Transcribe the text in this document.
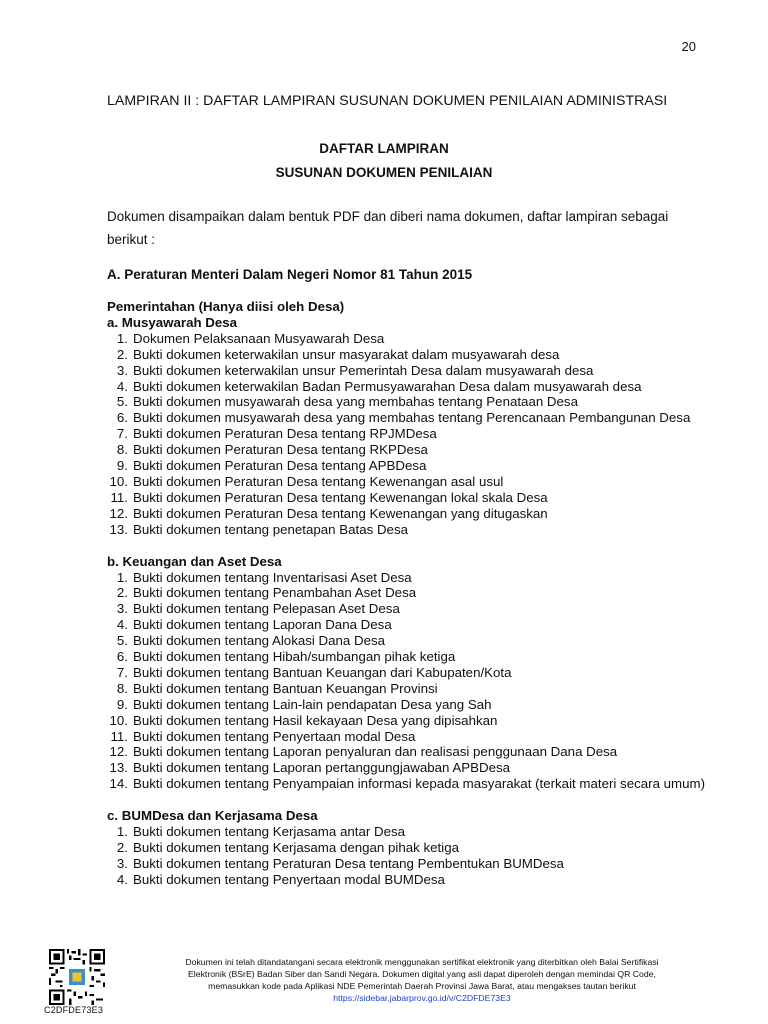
20
LAMPIRAN II : DAFTAR LAMPIRAN SUSUNAN DOKUMEN PENILAIAN ADMINISTRASI
DAFTAR LAMPIRAN
SUSUNAN DOKUMEN PENILAIAN
Dokumen disampaikan dalam bentuk PDF dan diberi nama dokumen, daftar lampiran sebagai berikut :
A. Peraturan Menteri Dalam Negeri Nomor 81 Tahun 2015
Pemerintahan (Hanya diisi oleh Desa)
a. Musyawarah Desa
1. Dokumen Pelaksanaan Musyawarah Desa
2. Bukti dokumen keterwakilan unsur masyarakat dalam musyawarah desa
3. Bukti dokumen keterwakilan unsur Pemerintah Desa dalam musyawarah desa
4. Bukti dokumen keterwakilan Badan Permusyawarahan Desa dalam musyawarah desa
5. Bukti dokumen musyawarah desa yang membahas tentang Penataan Desa
6. Bukti dokumen musyawarah desa yang membahas tentang Perencanaan Pembangunan Desa
7. Bukti dokumen Peraturan Desa tentang RPJMDesa
8. Bukti dokumen Peraturan Desa tentang RKPDesa
9. Bukti dokumen Peraturan Desa tentang APBDesa
10. Bukti dokumen Peraturan Desa tentang Kewenangan asal usul
11. Bukti dokumen Peraturan Desa tentang Kewenangan lokal skala Desa
12. Bukti dokumen Peraturan Desa tentang Kewenangan yang ditugaskan
13. Bukti dokumen tentang penetapan Batas Desa
b. Keuangan dan Aset Desa
1. Bukti dokumen tentang Inventarisasi Aset Desa
2. Bukti dokumen tentang Penambahan Aset Desa
3. Bukti dokumen tentang Pelepasan Aset Desa
4. Bukti dokumen tentang Laporan Dana Desa
5. Bukti dokumen tentang Alokasi Dana Desa
6. Bukti dokumen tentang Hibah/sumbangan pihak ketiga
7. Bukti dokumen tentang Bantuan Keuangan dari Kabupaten/Kota
8. Bukti dokumen tentang Bantuan Keuangan Provinsi
9. Bukti dokumen tentang Lain-lain pendapatan Desa yang Sah
10. Bukti dokumen tentang Hasil kekayaan Desa yang dipisahkan
11. Bukti dokumen tentang Penyertaan modal Desa
12. Bukti dokumen tentang Laporan penyaluran dan realisasi penggunaan Dana Desa
13. Bukti dokumen tentang Laporan pertanggungjawaban APBDesa
14. Bukti dokumen tentang Penyampaian informasi kepada masyarakat (terkait materi secara umum)
c. BUMDesa dan Kerjasama Desa
1. Bukti dokumen tentang Kerjasama antar Desa
2. Bukti dokumen tentang Kerjasama dengan pihak ketiga
3. Bukti dokumen tentang Peraturan Desa tentang Pembentukan BUMDesa
4. Bukti dokumen tentang Penyertaan modal BUMDesa
C2DFDE73E3
Dokumen ini telah ditandatangani secara elektronik menggunakan sertifikat elektronik yang diterbitkan oleh Balai Sertifikasi
Elektronik (BSrE) Badan Siber dan Sandi Negara. Dokumen digital yang asli dapat diperoleh dengan memindai QR Code,
memasukkan kode pada Aplikasi NDE Pemerintah Daerah Provinsi Jawa Barat, atau mengakses tautan berikut
https://sidebar.jabarprov.go.id/v/C2DFDE73E3
